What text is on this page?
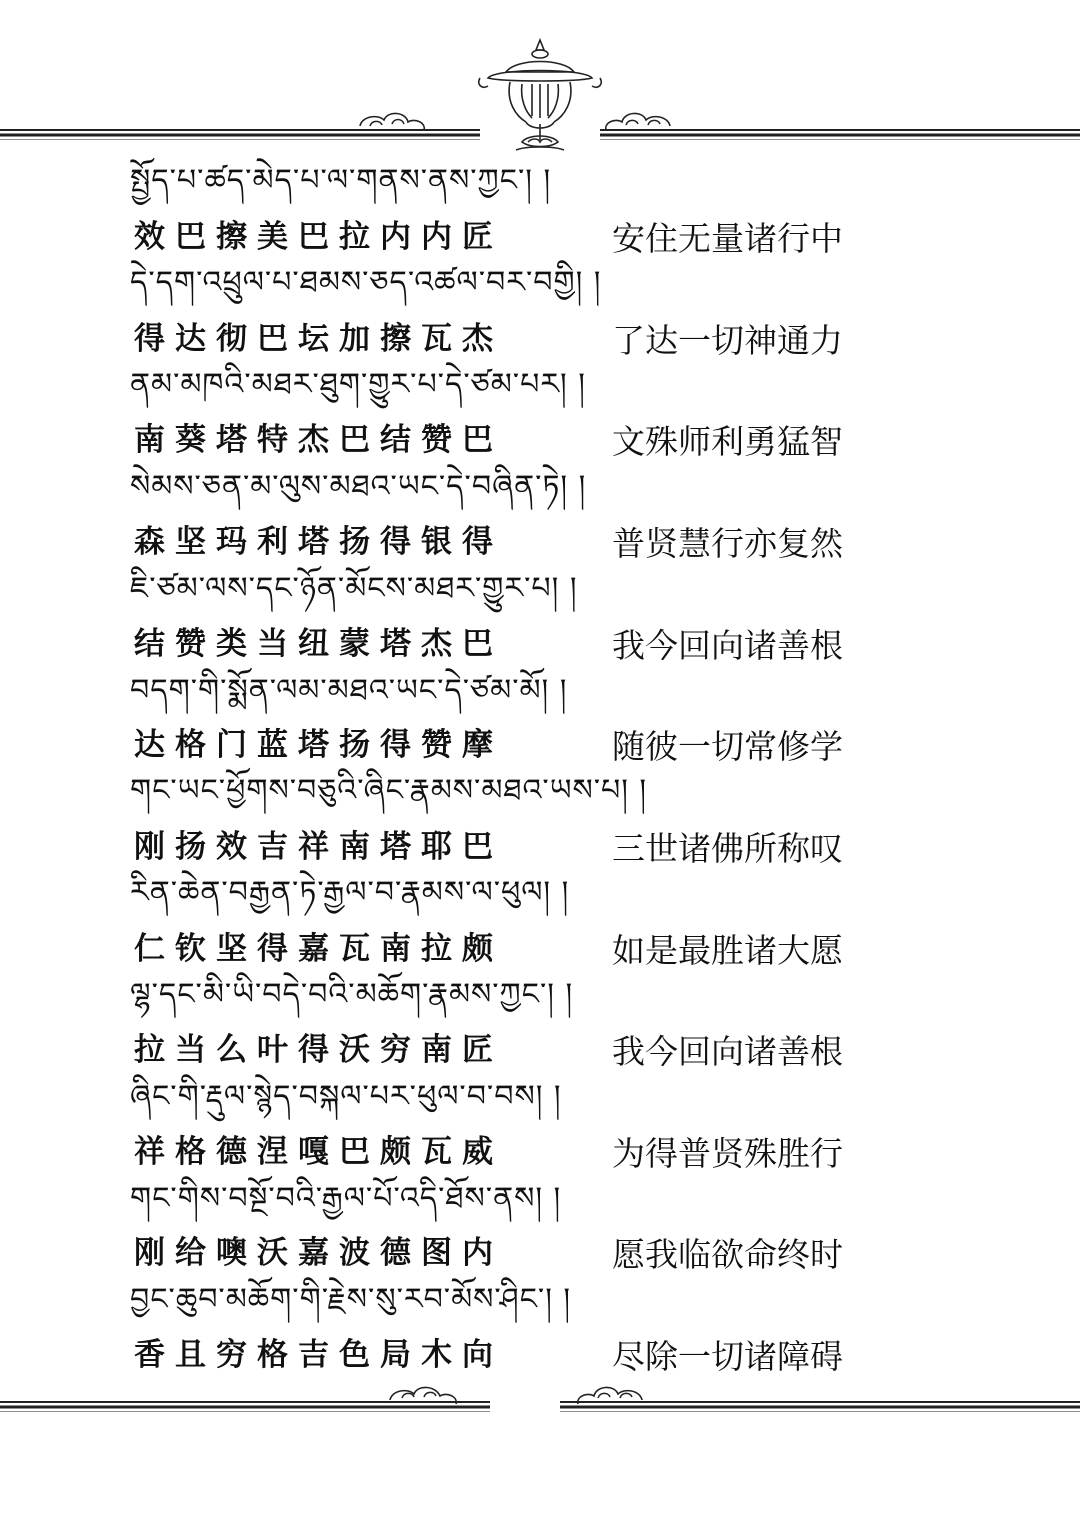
སྤྱོད་པ་ཚད་མེད་པ་ལ་གནས་ནས་ཀྱང་། །
效巴擦美巴拉内内匠	安住无量诸行中
དེ་དག་འཕྲུལ་པ་ཐམས་ཅད་འཚལ་བར་བགྱི། །
得达彻巴坛加擦瓦杰	了达一切神通力
ནམ་མཁའི་མཐར་ཐུག་གྱུར་པ་དེ་ཙམ་པར། །
南葵塔特杰巴结赞巴	文殊师利勇猛智
སེམས་ཅན་མ་ལུས་མཐའ་ཡང་དེ་བཞིན་ཏེ། །
森坚玛利塔扬得银得	普贤慧行亦复然
ཇི་ཙམ་ལས་དང་ཉོན་མོངས་མཐར་གྱུར་པ། །
结赞类当纽蒙塔杰巴	我今回向诸善根
བདག་གི་སྨོན་ལམ་མཐའ་ཡང་དེ་ཙམ་མོ། །
达格门蓝塔扬得赞摩	随彼一切常修学
གང་ཡང་ཕྱོགས་བཅུའི་ཞིང་རྣམས་མཐའ་ཡས་པ། །
刚扬效吉祥南塔耶巴	三世诸佛所称叹
རིན་ཆེན་བརྒྱན་ཏེ་རྒྱལ་བ་རྣམས་ལ་ཕུལ། །
仁钦坚得嘉瓦南拉颇	如是最胜诸大愿
ལྷ་དང་མི་ཡི་བདེ་བའི་མཆོག་རྣམས་ཀྱང་། །
拉当么叶得沃穷南匠	我今回向诸善根
ཞིང་གི་རྡུལ་སྙེད་བསྐལ་པར་ཕུལ་བ་བས། །
祥格德涅嘎巴颇瓦威	为得普贤殊胜行
གང་གིས་བསྔོ་བའི་རྒྱལ་པོ་འདི་ཐོས་ནས། །
刚给噢沃嘉波德图内	愿我临欲命终时
བྱང་ཆུབ་མཆོག་གི་རྗེས་སུ་རབ་མོས་ཤིང་། །
香且穷格吉色局木向	尽除一切诸障碍
